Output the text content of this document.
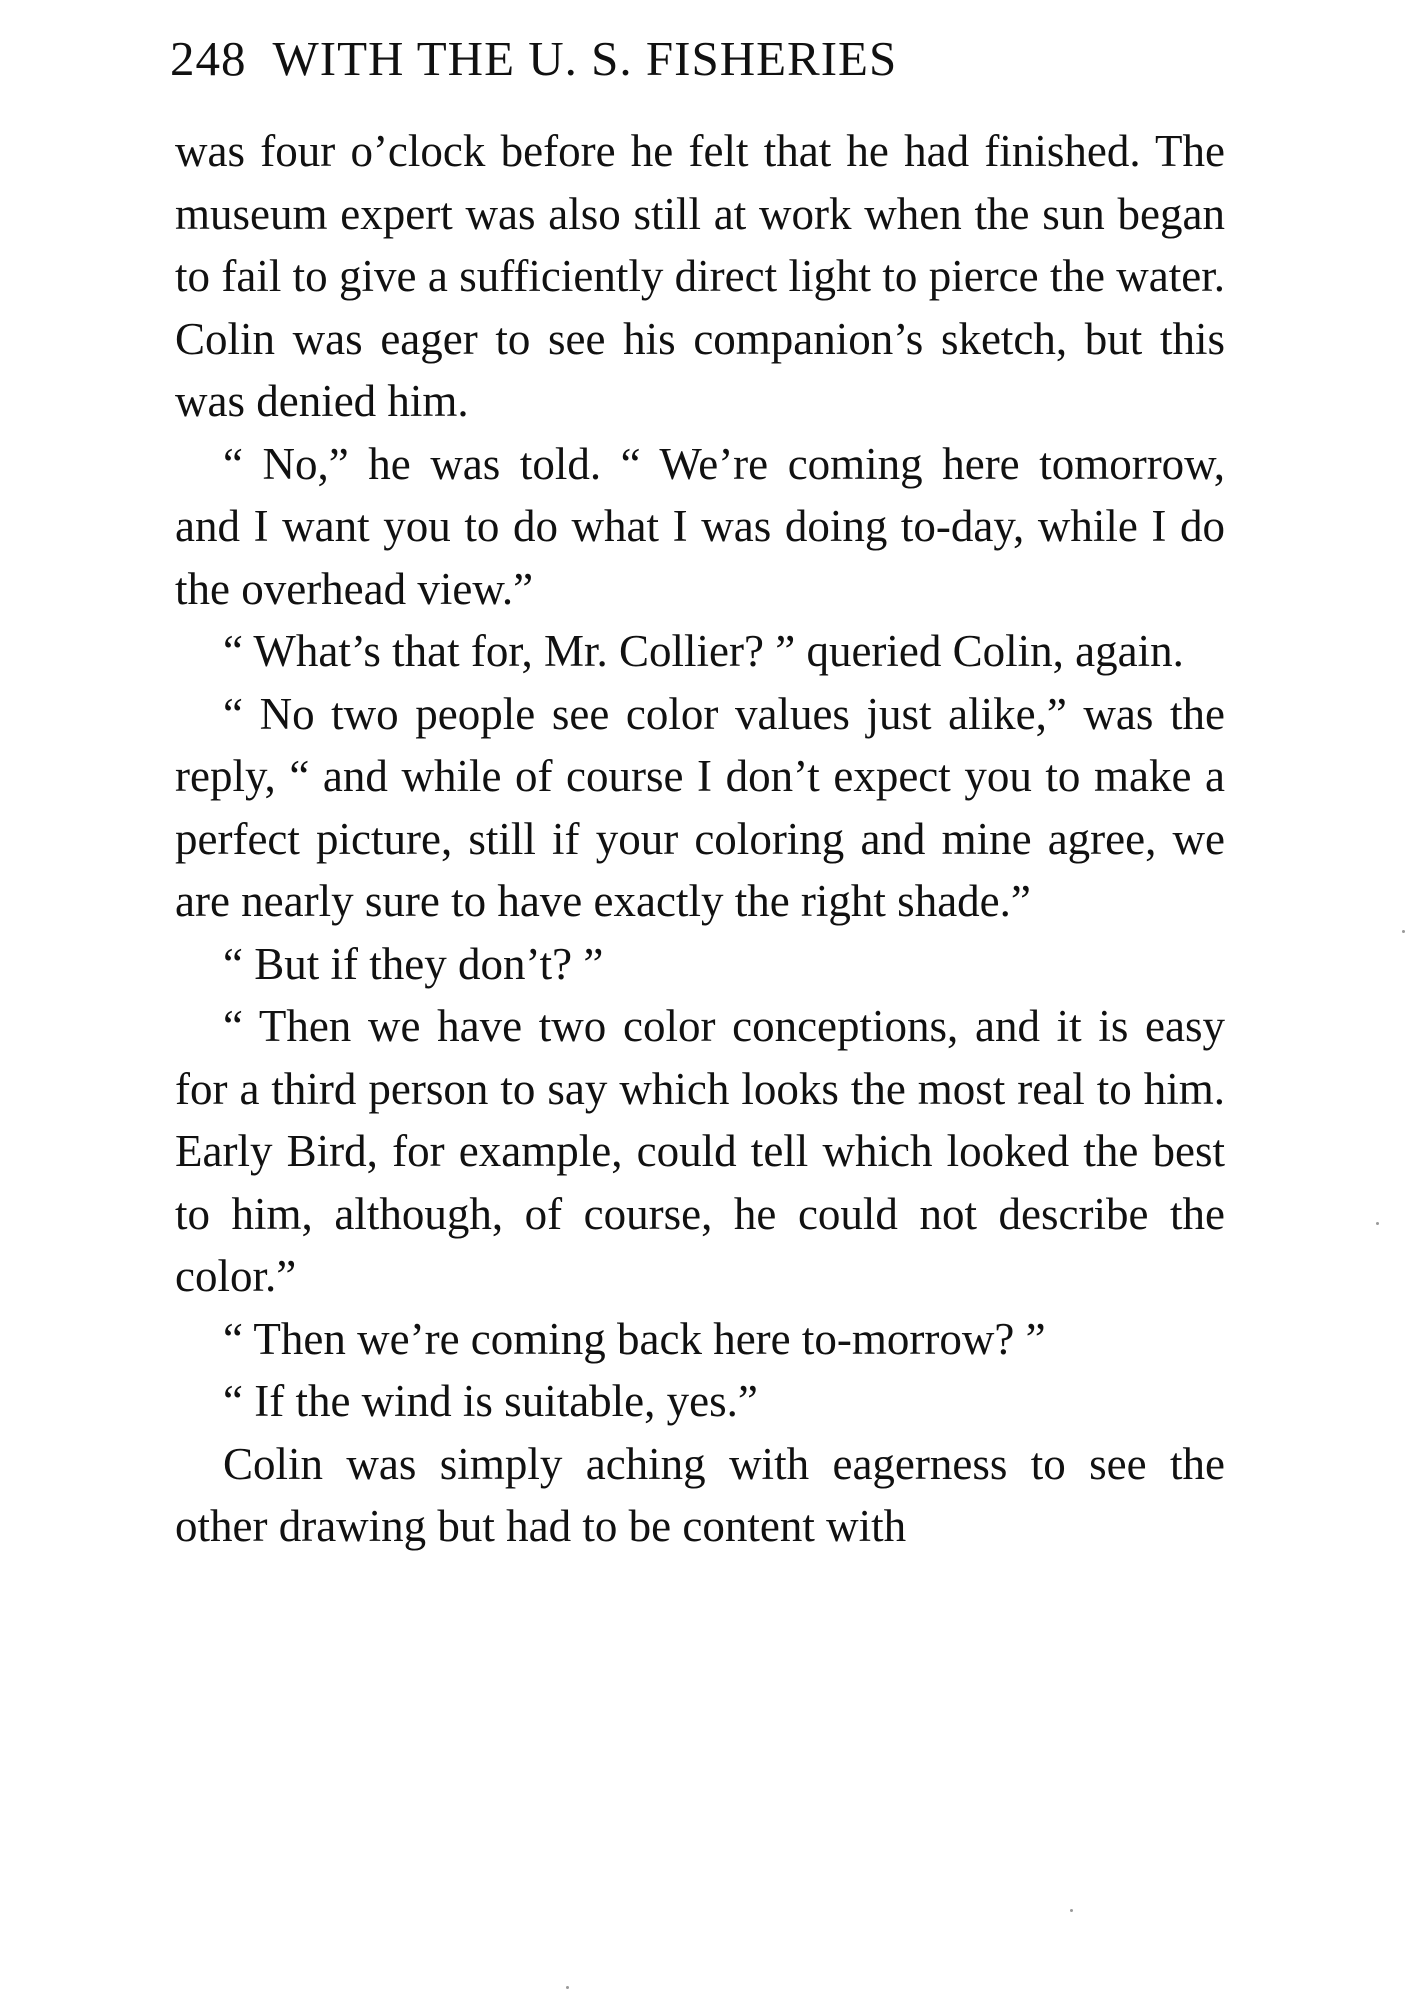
248 WITH THE U. S. FISHERIES

was four o’clock before he felt that he had finished. The museum expert was also still at work when the sun began to fail to give a sufficiently direct light to pierce the water. Colin was eager to see his companion’s sketch, but this was denied him.

“ No,” he was told. “ We’re coming here tomorrow, and I want you to do what I was doing to-day, while I do the overhead view.”

“ What’s that for, Mr. Collier? ” queried Colin, again.

“ No two people see color values just alike,” was the reply, “ and while of course I don’t expect you to make a perfect picture, still if your coloring and mine agree, we are nearly sure to have exactly the right shade.”

“ But if they don’t? ”

“ Then we have two color conceptions, and it is easy for a third person to say which looks the most real to him. Early Bird, for example, could tell which looked the best to him, although, of course, he could not describe the color.”

“ Then we’re coming back here to-morrow? ”

“ If the wind is suitable, yes.”

Colin was simply aching with eagerness to see the other drawing but had to be content with
